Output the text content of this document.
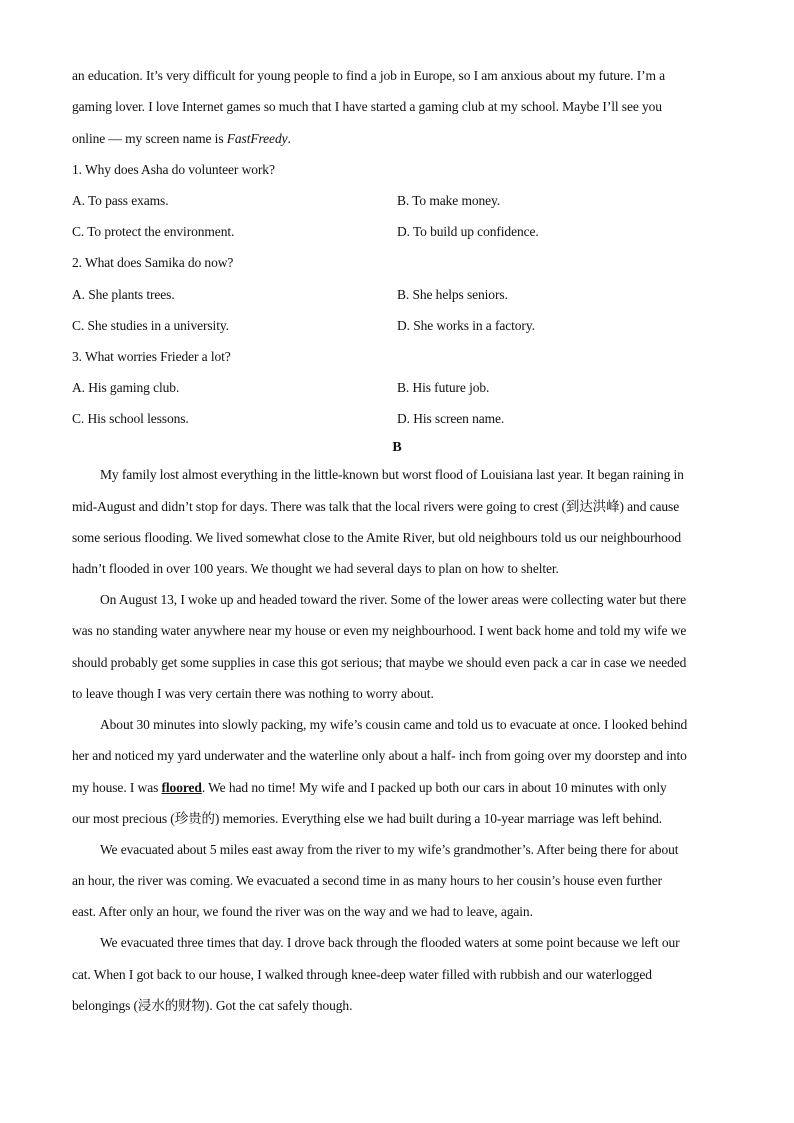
an education. It’s very difficult for young people to find a job in Europe, so I am anxious about my future. I’m a
gaming lover. I love Internet games so much that I have started a gaming club at my school. Maybe I’ll see you
online — my screen name is FastFreedy.
1. Why does Asha do volunteer work?
A. To pass exams.	B. To make money.
C. To protect the environment.	D. To build up confidence.
2. What does Samika do now?
A. She plants trees.	B. She helps seniors.
C. She studies in a university.	D. She works in a factory.
3. What worries Frieder a lot?
A. His gaming club.	B. His future job.
C. His school lessons.	D. His screen name.
B
My family lost almost everything in the little-known but worst flood of Louisiana last year. It began raining in
mid-August and didn’t stop for days. There was talk that the local rivers were going to crest (到达洪峰) and cause
some serious flooding. We lived somewhat close to the Amite River, but old neighbours told us our neighbourhood
hadn’t flooded in over 100 years. We thought we had several days to plan on how to shelter.
On August 13, I woke up and headed toward the river. Some of the lower areas were collecting water but there
was no standing water anywhere near my house or even my neighbourhood. I went back home and told my wife we
should probably get some supplies in case this got serious; that maybe we should even pack a car in case we needed
to leave though I was very certain there was nothing to worry about.
About 30 minutes into slowly packing, my wife’s cousin came and told us to evacuate at once. I looked behind
her and noticed my yard underwater and the waterline only about a half- inch from going over my doorstep and into
my house. I was floored. We had no time! My wife and I packed up both our cars in about 10 minutes with only
our most precious (珍贵的) memories. Everything else we had built during a 10-year marriage was left behind.
We evacuated about 5 miles east away from the river to my wife’s grandmother’s. After being there for about
an hour, the river was coming. We evacuated a second time in as many hours to her cousin’s house even further
east. After only an hour, we found the river was on the way and we had to leave, again.
We evacuated three times that day. I drove back through the flooded waters at some point because we left our
cat. When I got back to our house, I walked through knee-deep water filled with rubbish and our waterlogged
belongings (浸水的财物). Got the cat safely though.
